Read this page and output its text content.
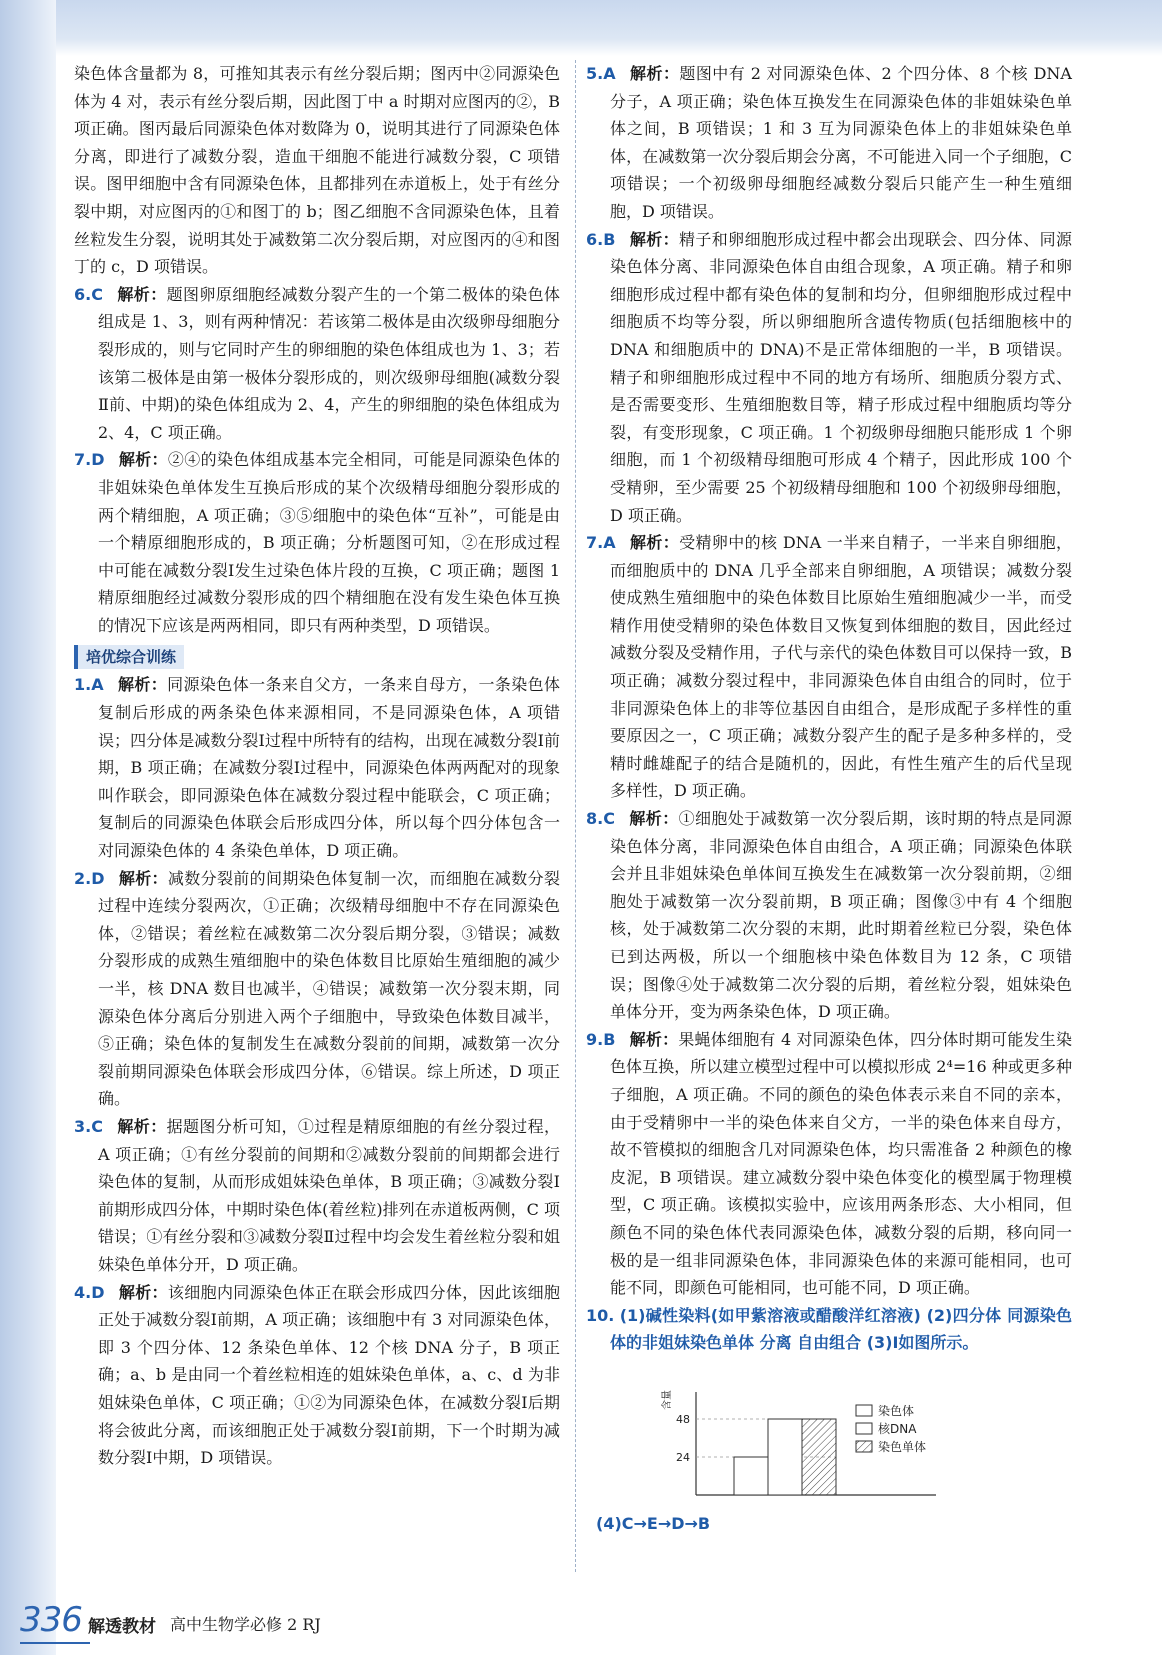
染色体含量都为 8，可推知其表示有丝分裂后期；图丙中②同源染色体为 4 对，表示有丝分裂后期，因此图丁中 a 时期对应图丙的②，B 项正确。图丙最后同源染色体对数降为 0，说明其进行了同源染色体分离，即进行了减数分裂，造血干细胞不能进行减数分裂，C 项错误。图甲细胞中含有同源染色体，且都排列在赤道板上，处于有丝分裂中期，对应图丙的①和图丁的 b；图乙细胞不含同源染色体，且着丝粒发生分裂，说明其处于减数第二次分裂后期，对应图丙的④和图丁的 c，D 项错误。

6.C 解析：题图卵原细胞经减数分裂产生的一个第二极体的染色体组成是 1、3，则有两种情况：若该第二极体是由次级卵母细胞分裂形成的，则与它同时产生的卵细胞的染色体组成也为 1、3；若该第二极体是由第一极体分裂形成的，则次级卵母细胞(减数分裂Ⅱ前、中期)的染色体组成为 2、4，产生的卵细胞的染色体组成为 2、4，C 项正确。

7.D 解析：②④的染色体组成基本完全相同，可能是同源染色体的非姐妹染色单体发生互换后形成的某个次级精母细胞分裂形成的两个精细胞，A 项正确；③⑤细胞中的染色体“互补”，可能是由一个精原细胞形成的，B 项正确；分析题图可知，②在形成过程中可能在减数分裂Ⅰ发生过染色体片段的互换，C 项正确；题图 1 精原细胞经过减数分裂形成的四个精细胞在没有发生染色体互换的情况下应该是两两相同，即只有两种类型，D 项错误。

培优综合训练

1.A 解析：同源染色体一条来自父方，一条来自母方，一条染色体复制后形成的两条染色体来源相同，不是同源染色体，A 项错误；四分体是减数分裂Ⅰ过程中所特有的结构，出现在减数分裂Ⅰ前期，B 项正确；在减数分裂Ⅰ过程中，同源染色体两两配对的现象叫作联会，即同源染色体在减数分裂过程中能联会，C 项正确；复制后的同源染色体联会后形成四分体，所以每个四分体包含一对同源染色体的 4 条染色单体，D 项正确。

2.D 解析：减数分裂前的间期染色体复制一次，而细胞在减数分裂过程中连续分裂两次，①正确；次级精母细胞中不存在同源染色体，②错误；着丝粒在减数第二次分裂后期分裂，③错误；减数分裂形成的成熟生殖细胞中的染色体数目比原始生殖细胞的减少一半，核 DNA 数目也减半，④错误；减数第一次分裂末期，同源染色体分离后分别进入两个子细胞中，导致染色体数目减半，⑤正确；染色体的复制发生在减数分裂前的间期，减数第一次分裂前期同源染色体联会形成四分体，⑥错误。综上所述，D 项正确。

3.C 解析：据题图分析可知，①过程是精原细胞的有丝分裂过程，A 项正确；①有丝分裂前的间期和②减数分裂前的间期都会进行染色体的复制，从而形成姐妹染色单体，B 项正确；③减数分裂Ⅰ前期形成四分体，中期时染色体(着丝粒)排列在赤道板两侧，C 项错误；①有丝分裂和③减数分裂Ⅱ过程中均会发生着丝粒分裂和姐妹染色单体分开，D 项正确。

4.D 解析：该细胞内同源染色体正在联会形成四分体，因此该细胞正处于减数分裂Ⅰ前期，A 项正确；该细胞中有 3 对同源染色体，即 3 个四分体、12 条染色单体、12 个核 DNA 分子，B 项正确；a、b 是由同一个着丝粒相连的姐妹染色单体，a、c、d 为非姐妹染色单体，C 项正确；①②为同源染色体，在减数分裂Ⅰ后期将会彼此分离，而该细胞正处于减数分裂Ⅰ前期，下一个时期为减数分裂Ⅰ中期，D 项错误。

5.A 解析：题图中有 2 对同源染色体、2 个四分体、8 个核 DNA 分子，A 项正确；染色体互换发生在同源染色体的非姐妹染色单体之间，B 项错误；1 和 3 互为同源染色体上的非姐妹染色单体，在减数第一次分裂后期会分离，不可能进入同一个子细胞，C 项错误；一个初级卵母细胞经减数分裂后只能产生一种生殖细胞，D 项错误。

6.B 解析：精子和卵细胞形成过程中都会出现联会、四分体、同源染色体分离、非同源染色体自由组合现象，A 项正确。精子和卵细胞形成过程中都有染色体的复制和均分，但卵细胞形成过程中细胞质不均等分裂，所以卵细胞所含遗传物质(包括细胞核中的 DNA 和细胞质中的 DNA)不是正常体细胞的一半，B 项错误。精子和卵细胞形成过程中不同的地方有场所、细胞质分裂方式、是否需要变形、生殖细胞数目等，精子形成过程中细胞质均等分裂，有变形现象，C 项正确。1 个初级卵母细胞只能形成 1 个卵细胞，而 1 个初级精母细胞可形成 4 个精子，因此形成 100 个受精卵，至少需要 25 个初级精母细胞和 100 个初级卵母细胞，D 项正确。

7.A 解析：受精卵中的核 DNA 一半来自精子，一半来自卵细胞，而细胞质中的 DNA 几乎全部来自卵细胞，A 项错误；减数分裂使成熟生殖细胞中的染色体数目比原始生殖细胞减少一半，而受精作用使受精卵的染色体数目又恢复到体细胞的数目，因此经过减数分裂及受精作用，子代与亲代的染色体数目可以保持一致，B 项正确；减数分裂过程中，非同源染色体自由组合的同时，位于非同源染色体上的非等位基因自由组合，是形成配子多样性的重要原因之一，C 项正确；减数分裂产生的配子是多种多样的，受精时雌雄配子的结合是随机的，因此，有性生殖产生的后代呈现多样性，D 项正确。

8.C 解析：①细胞处于减数第一次分裂后期，该时期的特点是同源染色体分离，非同源染色体自由组合，A 项正确；同源染色体联会并且非姐妹染色单体间互换发生在减数第一次分裂前期，②细胞处于减数第一次分裂前期，B 项正确；图像③中有 4 个细胞核，处于减数第二次分裂的末期，此时期着丝粒已分裂，染色体已到达两极，所以一个细胞核中染色体数目为 12 条，C 项错误；图像④处于减数第二次分裂的后期，着丝粒分裂，姐妹染色单体分开，变为两条染色体，D 项正确。

9.B 解析：果蝇体细胞有 4 对同源染色体，四分体时期可能发生染色体互换，所以建立模型过程中可以模拟形成 2⁴=16 种或更多种子细胞，A 项正确。不同的颜色的染色体表示来自不同的亲本，由于受精卵中一半的染色体来自父方，一半的染色体来自母方，故不管模拟的细胞含几对同源染色体，均只需准备 2 种颜色的橡皮泥，B 项错误。建立减数分裂中染色体变化的模型属于物理模型，C 项正确。该模拟实验中，应该用两条形态、大小相同，但颜色不同的染色体代表同源染色体，减数分裂的后期，移向同一极的是一组非同源染色体，非同源染色体的来源可能相同，也可能不同，即颜色可能相同，也可能不同，D 项正确。

10. (1)碱性染料(如甲紫溶液或醋酸洋红溶液) (2)四分体 同源染色体的非姐妹染色单体 分离 自由组合 (3)Ⅰ如图所示。

含量
24
48
染色体
核DNA
染色单体

(4)C→E→D→B

336 解透教材 高中生物学必修 2 RJ
